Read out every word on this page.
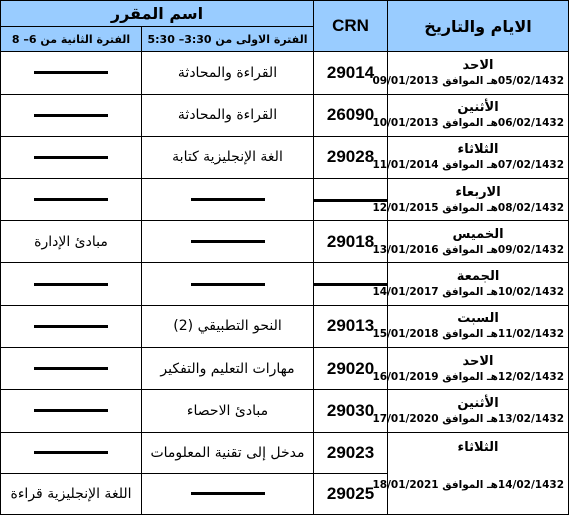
اسم المقرر		CRN	الايام والتاريخ
الفترة الثانية من 6– 8	الفترة الاولى من 3:30– 5:30		
	القراءة والمحادثة	29014	الاحد
05/02/1432هـ الموافق 09/01/2013

	القراءة والمحادثة	26090	الأثنين
06/02/1432هـ الموافق 10/01/2013

	الغة الإنجليزية كتابة	29028	الثلاثاء
07/02/1432هـ الموافق 11/01/2014

			الاربعاء
08/02/1432هـ الموافق 12/01/2015

مبادئ الإدارة		29018	الخميس
09/02/1432هـ الموافق 13/01/2016

			الجمعة
10/02/1432هـ الموافق 14/01/2017

	النحو التطبيقي (2)	29013	السبت
11/02/1432هـ الموافق 15/01/2018

	مهارات التعليم والتفكير	29020	الاحد
12/02/1432هـ الموافق 16/01/2019

	مبادئ الاحصاء	29030	الأثنين
13/02/1432هـ الموافق 17/01/2020

	مدخل إلى تقنية المعلومات	29023	الثلاثاء
14/02/1432هـ الموافق 18/01/2021

اللغة الإنجليزية قراءة		29025	
